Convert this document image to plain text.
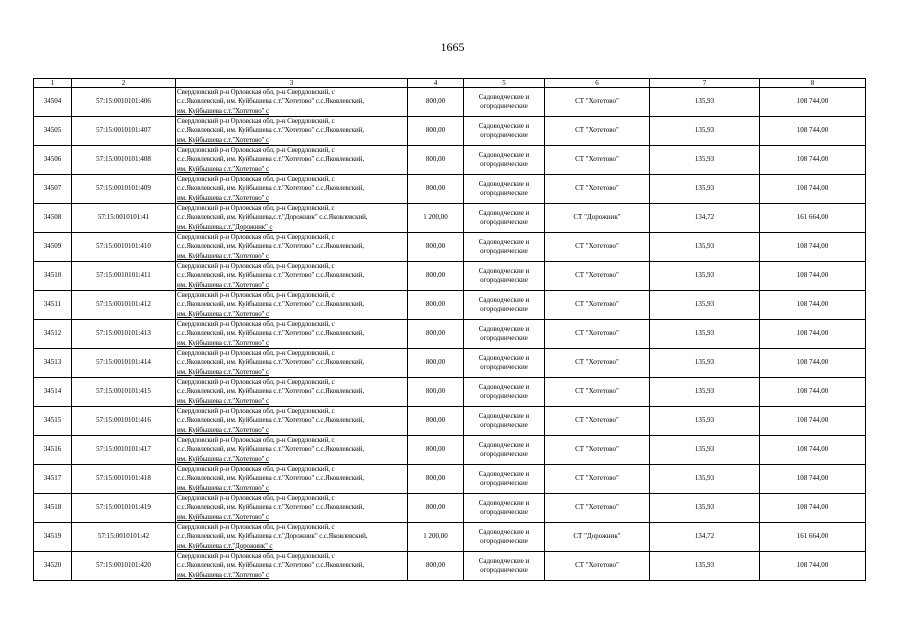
1665
1	2	3	4	5	6	7	8
34504	57:15:0010101:406	Свердловский р-н Орловская обл, р-н Свердловский, с
с.с.Яковлевский, им. Куйбышева с.т."Хотетово" с.с.Яковлевский,
им. Куйбышева с.т."Хотетово" с	800,00	Садоводческие и
огороднические	СТ "Хотетово"	135,93	108 744,00
34505	57:15:0010101:407	Свердловский р-н Орловская обл, р-н Свердловский, с
с.с.Яковлевский, им. Куйбышева с.т."Хотетово" с.с.Яковлевский,
им. Куйбышева с.т."Хотетово" с	800,00	Садоводческие и
огороднические	СТ "Хотетово"	135,93	108 744,00
34506	57:15:0010101:408	Свердловский р-н Орловская обл, р-н Свердловский, с
с.с.Яковлевский, им. Куйбышева с.т."Хотетово" с.с.Яковлевский,
им. Куйбышева с.т."Хотетово" с	800,00	Садоводческие и
огороднические	СТ "Хотетово"	135,93	108 744,00
34507	57:15:0010101:409	Свердловский р-н Орловская обл, р-н Свердловский, с
с.с.Яковлевский, им. Куйбышева с.т."Хотетово" с.с.Яковлевский,
им. Куйбышева с.т."Хотетово" с	800,00	Садоводческие и
огороднические	СТ "Хотетово"	135,93	108 744,00
34508	57:15:0010101:41	Свердловский р-н Орловская обл, р-н Свердловский, с
с.с.Яковлевский, им. Куйбышева,с.т."Дорожник" с.с.Яковлевский,
им. Куйбышева,с.т."Дорожник" с	1 200,00	Садоводческие и
огороднические	СТ "Дорожник"	134,72	161 664,00
34509	57:15:0010101:410	Свердловский р-н Орловская обл, р-н Свердловский, с
с.с.Яковлевский, им. Куйбышева с.т."Хотетово" с.с.Яковлевский,
им. Куйбышева с.т."Хотетово" с	800,00	Садоводческие и
огороднические	СТ "Хотетово"	135,93	108 744,00
34510	57:15:0010101:411	Свердловский р-н Орловская обл, р-н Свердловский, с
с.с.Яковлевский, им. Куйбышева с.т."Хотетово" с.с.Яковлевский,
им. Куйбышева с.т."Хотетово" с	800,00	Садоводческие и
огороднические	СТ "Хотетово"	135,93	108 744,00
34511	57:15:0010101:412	Свердловский р-н Орловская обл, р-н Свердловский, с
с.с.Яковлевский, им. Куйбышева с.т."Хотетово" с.с.Яковлевский,
им. Куйбышева с.т."Хотетово" с	800,00	Садоводческие и
огороднические	СТ "Хотетово"	135,93	108 744,00
34512	57:15:0010101:413	Свердловский р-н Орловская обл, р-н Свердловский, с
с.с.Яковлевский, им. Куйбышева с.т."Хотетово" с.с.Яковлевский,
им. Куйбышева с.т."Хотетово" с	800,00	Садоводческие и
огороднические	СТ "Хотетово"	135,93	108 744,00
34513	57:15:0010101:414	Свердловский р-н Орловская обл, р-н Свердловский, с
с.с.Яковлевский, им. Куйбышева с.т."Хотетово" с.с.Яковлевский,
им. Куйбышева с.т."Хотетово" с	800,00	Садоводческие и
огороднические	СТ "Хотетово"	135,93	108 744,00
34514	57:15:0010101:415	Свердловский р-н Орловская обл, р-н Свердловский, с
с.с.Яковлевский, им. Куйбышева с.т."Хотетово" с.с.Яковлевский,
им. Куйбышева с.т."Хотетово" с	800,00	Садоводческие и
огороднические	СТ "Хотетово"	135,93	108 744,00
34515	57:15:0010101:416	Свердловский р-н Орловская обл, р-н Свердловский, с
с.с.Яковлевский, им. Куйбышева с.т."Хотетово" с.с.Яковлевский,
им. Куйбышева с.т."Хотетово" с	800,00	Садоводческие и
огороднические	СТ "Хотетово"	135,93	108 744,00
34516	57:15:0010101:417	Свердловский р-н Орловская обл, р-н Свердловский, с
с.с.Яковлевский, им. Куйбышева с.т."Хотетово" с.с.Яковлевский,
им. Куйбышева с.т."Хотетово" с	800,00	Садоводческие и
огороднические	СТ "Хотетово"	135,93	108 744,00
34517	57:15:0010101:418	Свердловский р-н Орловская обл, р-н Свердловский, с
с.с.Яковлевский, им. Куйбышева с.т."Хотетово" с.с.Яковлевский,
им. Куйбышева с.т."Хотетово" с	800,00	Садоводческие и
огороднические	СТ "Хотетово"	135,93	108 744,00
34518	57:15:0010101:419	Свердловский р-н Орловская обл, р-н Свердловский, с
с.с.Яковлевский, им. Куйбышева с.т."Хотетово" с.с.Яковлевский,
им. Куйбышева с.т."Хотетово" с	800,00	Садоводческие и
огороднические	СТ "Хотетово"	135,93	108 744,00
34519	57:15:0010101:42	Свердловский р-н Орловская обл, р-н Свердловский, с
с.с.Яковлевский, им. Куйбышева с.т."Дорожник" с.с.Яковлевский,
им. Куйбышева с.т."Дорожник" с	1 200,00	Садоводческие и
огороднические	СТ "Дорожник"	134,72	161 664,00
34520	57:15:0010101:420	Свердловский р-н Орловская обл, р-н Свердловский, с
с.с.Яковлевский, им. Куйбышева с.т."Хотетово" с.с.Яковлевский,
им. Куйбышева с.т."Хотетово" с	800,00	Садоводческие и
огороднические	СТ "Хотетово"	135,93	108 744,00
